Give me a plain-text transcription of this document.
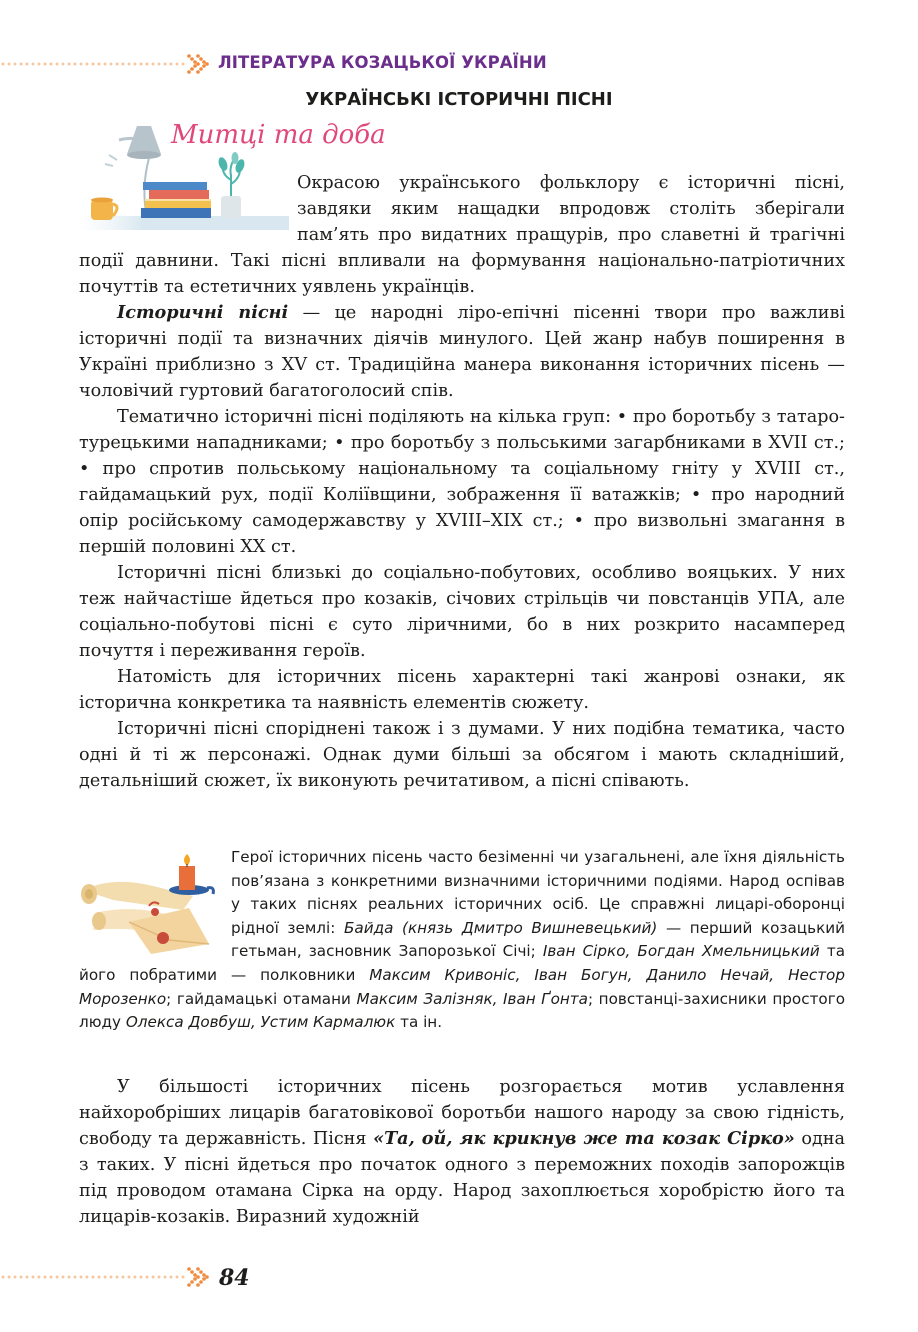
ЛІТЕРАТУРА КОЗАЦЬКОЇ УКРАЇНИ
УКРАЇНСЬКІ ІСТОРИЧНІ ПІСНІ
Митці та доба

Окрасою українського фольклору є історичні пісні, завдяки яким нащадки впродовж століть зберігали пам’ять про видатних пращурів, про славетні й трагічні події давнини. Такі пісні впливали на формування національно-патріотичних почуттів та естетичних уявлень українців.

Історичні пісні — це народні ліро-епічні пісенні твори про важливі історичні події та визначних діячів минулого. Цей жанр набув поширення в Україні приблизно з XV ст. Традиційна манера виконання історичних пісень — чоловічий гуртовий багатоголосий спів.

Тематично історичні пісні поділяють на кілька груп: • про боротьбу з татаро-турецькими нападниками; • про боротьбу з польськими загарбниками в XVII ст.; • про спротив польському національному та соціальному гніту у XVIII ст., гайдамацький рух, події Коліївщини, зображення її ватажків; • про народний опір російському самодержавству у XVIII–XIX ст.; • про визвольні змагання в першій половині XX ст.

Історичні пісні близькі до соціально-побутових, особливо вояцьких. У них теж найчастіше йдеться про козаків, січових стрільців чи повстанців УПА, але соціально-побутові пісні є суто ліричними, бо в них розкрито насамперед почуття і переживання героїв.

Натомість для історичних пісень характерні такі жанрові ознаки, як історична конкретика та наявність елементів сюжету.

Історичні пісні споріднені також і з думами. У них подібна тематика, часто одні й ті ж персонажі. Однак думи більші за обсягом і мають складніший, детальніший сюжет, їх виконують речитативом, а пісні співають.

Герої історичних пісень часто безіменні чи узагальнені, але їхня діяльність пов’язана з конкретними визначними історичними подіями. Народ оспівав у таких піснях реальних історичних осіб. Це справжні лицарі-оборонці рідної землі: Байда (князь Дмитро Вишневецький) — перший козацький гетьман, засновник Запорозької Січі; Іван Сірко, Богдан Хмельницький та його побратими — полковники Максим Кривоніс, Іван Богун, Данило Нечай, Нестор Морозенко; гайдамацькі отамани Максим Залізняк, Іван Ґонта; повстанці-захисники простого люду Олекса Довбуш, Устим Кармалюк та ін.

У більшості історичних пісень розгорається мотив уславлення найхоробріших лицарів багатовікової боротьби нашого народу за свою гідність, свободу та державність. Пісня «Та, ой, як крикнув же та козак Сірко» одна з таких. У пісні йдеться про початок одного з переможних походів запорожців під проводом отамана Сірка на орду. Народ захоплюється хоробрістю його та лицарів-козаків. Виразний художній

84
